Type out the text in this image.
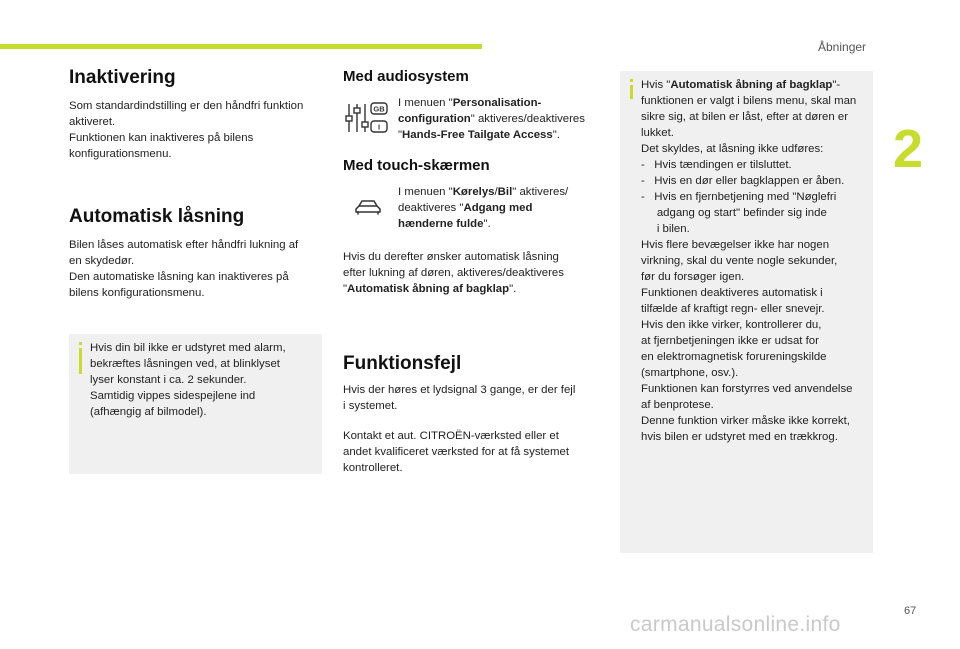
Åbninger
2
Inaktivering
Som standardindstilling er den håndfri funktion
aktiveret.
Funktionen kan inaktiveres på bilens
konfigurationsmenu.
Automatisk låsning
Bilen låses automatisk efter håndfri lukning af
en skydedør.
Den automatiske låsning kan inaktiveres på
bilens konfigurationsmenu.
Hvis din bil ikke er udstyret med alarm,
bekræftes låsningen ved, at blinklyset
lyser konstant i ca. 2 sekunder.
Samtidig vippes sidespejlene ind
(afhængig af bilmodel).
Med audiosystem
GB
I
I menuen "Personalisation-
configuration" aktiveres/deaktiveres
"Hands-Free Tailgate Access".
Med touch-skærmen
I menuen "Kørelys/Bil" aktiveres/
deaktiveres "Adgang med
hænderne fulde".
Hvis du derefter ønsker automatisk låsning
efter lukning af døren, aktiveres/deaktiveres
"Automatisk åbning af bagklap".
Funktionsfejl
Hvis der høres et lydsignal 3 gange, er der fejl
i systemet.
Kontakt et aut. CITROËN-værksted eller et
andet kvalificeret værksted for at få systemet
kontrolleret.
Hvis "Automatisk åbning af bagklap"-
funktionen er valgt i bilens menu, skal man
sikre sig, at bilen er låst, efter at døren er
lukket.
Det skyldes, at låsning ikke udføres:
-   Hvis tændingen er tilsluttet.
-   Hvis en dør eller bagklappen er åben.
-   Hvis en fjernbetjening med "Nøglefri
adgang og start" befinder sig inde
i bilen.
Hvis flere bevægelser ikke har nogen
virkning, skal du vente nogle sekunder,
før du forsøger igen.
Funktionen deaktiveres automatisk i
tilfælde af kraftigt regn- eller snevejr.
Hvis den ikke virker, kontrollerer du,
at fjernbetjeningen ikke er udsat for
en elektromagnetisk forureningskilde
(smartphone, osv.).
Funktionen kan forstyrres ved anvendelse
af benprotese.
Denne funktion virker måske ikke korrekt,
hvis bilen er udstyret med en trækkrog.
67
carmanualsonline.info
